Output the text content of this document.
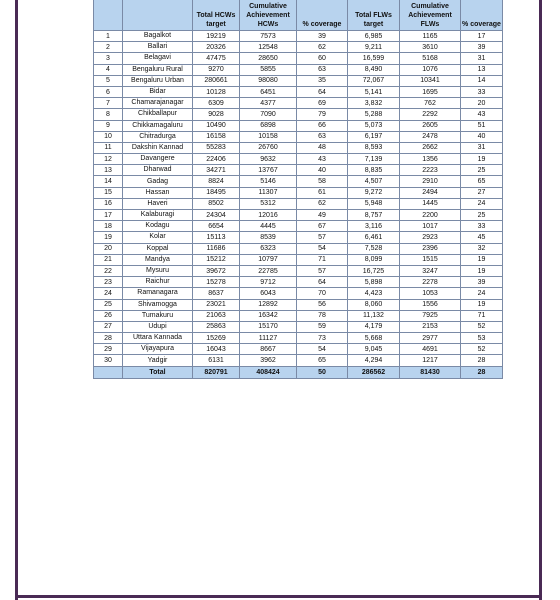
		Total HCWs target	Cumulative Achievement HCWs	% coverage	Total FLWs target	Cumulative Achievement FLWs	% coverage
1	Bagalkot	19219	7573	39	6,985	1165	17
2	Ballari	20326	12548	62	9,211	3610	39
3	Belagavi	47475	28650	60	16,599	5168	31
4	Bengaluru Rural	9270	5855	63	8,490	1076	13
5	Bengaluru Urban	280661	98080	35	72,067	10341	14
6	Bidar	10128	6451	64	5,141	1695	33
7	Chamarajanagar	6309	4377	69	3,832	762	20
8	Chikballapur	9028	7090	79	5,288	2292	43
9	Chikkamagaluru	10490	6898	66	5,073	2605	51
10	Chitradurga	16158	10158	63	6,197	2478	40
11	Dakshin Kannad	55283	26760	48	8,593	2662	31
12	Davangere	22406	9632	43	7,139	1356	19
13	Dharwad	34271	13767	40	8,835	2223	25
14	Gadag	8824	5146	58	4,507	2910	65
15	Hassan	18495	11307	61	9,272	2494	27
16	Haveri	8502	5312	62	5,948	1445	24
17	Kalaburagi	24304	12016	49	8,757	2200	25
18	Kodagu	6654	4445	67	3,116	1017	33
19	Kolar	15113	8539	57	6,461	2923	45
20	Koppal	11686	6323	54	7,528	2396	32
21	Mandya	15212	10797	71	8,099	1515	19
22	Mysuru	39672	22785	57	16,725	3247	19
23	Raichur	15278	9712	64	5,898	2278	39
24	Ramanagara	8637	6043	70	4,423	1053	24
25	Shivamogga	23021	12892	56	8,060	1556	19
26	Tumakuru	21063	16342	78	11,132	7925	71
27	Udupi	25863	15170	59	4,179	2153	52
28	Uttara Kannada	15269	11127	73	5,668	2977	53
29	Vijayapura	16043	8667	54	9,045	4691	52
30	Yadgir	6131	3962	65	4,294	1217	28
	Total	820791	408424	50	286562	81430	28
